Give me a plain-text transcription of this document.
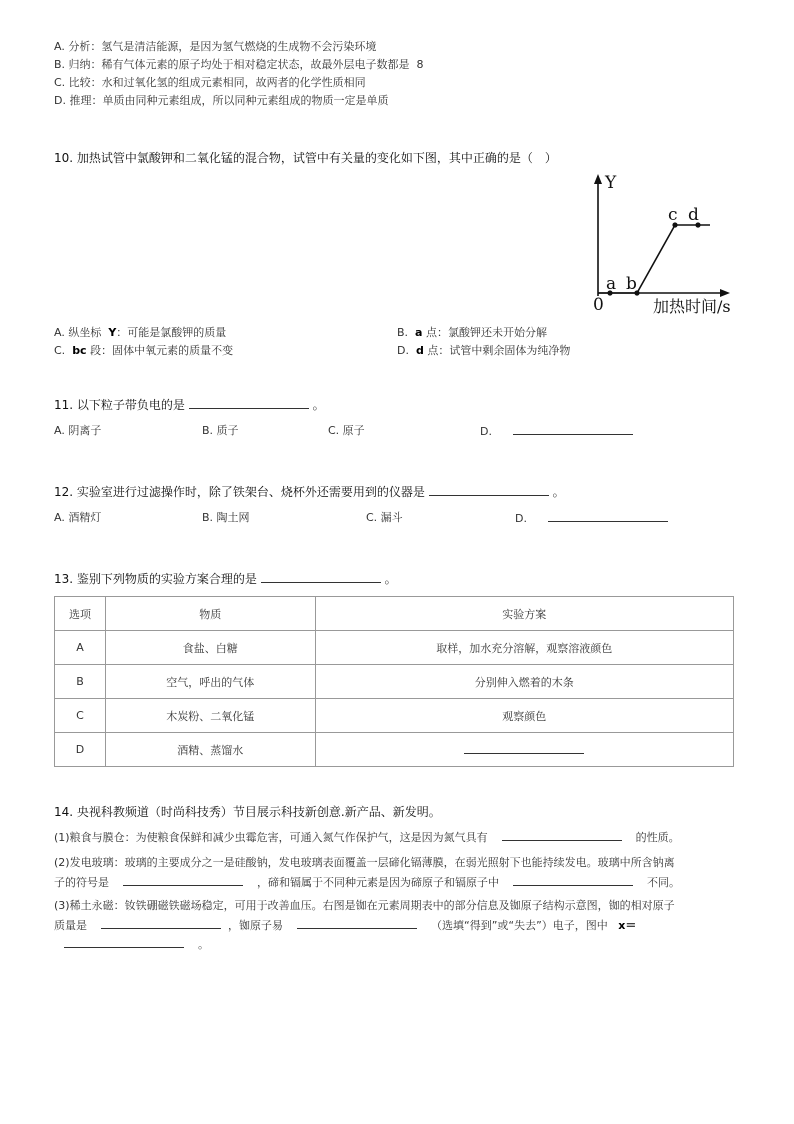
A. 分析：氢气是清洁能源，是因为氢气燃烧的生成物不会污染环境
B. 归纳：稀有气体元素的原子均处于相对稳定状态，故最外层电子数都是 8
C. 比较：水和过氧化氢的组成元素相同，故两者的化学性质相同
D. 推理：单质由同种元素组成，所以同种元素组成的物质一定是单质
10. 加热试管中氯酸钾和二氧化锰的混合物，试管中有关量的变化如下图，其中正确的是（　）
Y
0
a b
c d
加热时间/s
A. 纵坐标 Y：可能是氯酸钾的质量	B. a 点：氯酸钾还未开始分解
C. bc 段：固体中氧元素的质量不变	D. d 点：试管中剩余固体为纯净物
11. 以下粒子带负电的是	。
A. 阴离子	B. 质子	C. 原子	D.
12. 实验室进行过滤操作时，除了铁架台、烧杯外还需要用到的仪器是	。
A. 酒精灯	B. 陶土网	C. 漏斗	D.
13. 鉴别下列物质的实验方案合理的是	。
选项	物质	实验方案
A	食盐、白糖	取样，加水充分溶解，观察溶液颜色
B	空气，呼出的气体	分别伸入燃着的木条
C	木炭粉、二氧化锰	观察颜色
D	酒精、蒸馏水	
14. 央视科教频道（时尚科技秀）节目展示科技新创意.新产品、新发明。
(1)粮食与膜仓：为使粮食保鲜和减少虫霉危害，可通入氮气作保护气，这是因为氮气具有	的性质。
(2)发电玻璃：玻璃的主要成分之一是硅酸钠，发电玻璃表面覆盖一层碲化镉薄膜，在弱光照射下也能持续发电。玻璃中所含钠离
子的符号是	，碲和镉属于不同种元素是因为碲原子和镉原子中	不同。
(3)稀土永磁：钕铁硼磁铁磁场稳定，可用于改善血压。右图是铷在元素周期表中的部分信息及铷原子结构示意图，铷的相对原子
质量是	，铷原子易	（选填“得到”或“失去”）电子，图中 x＝
。
